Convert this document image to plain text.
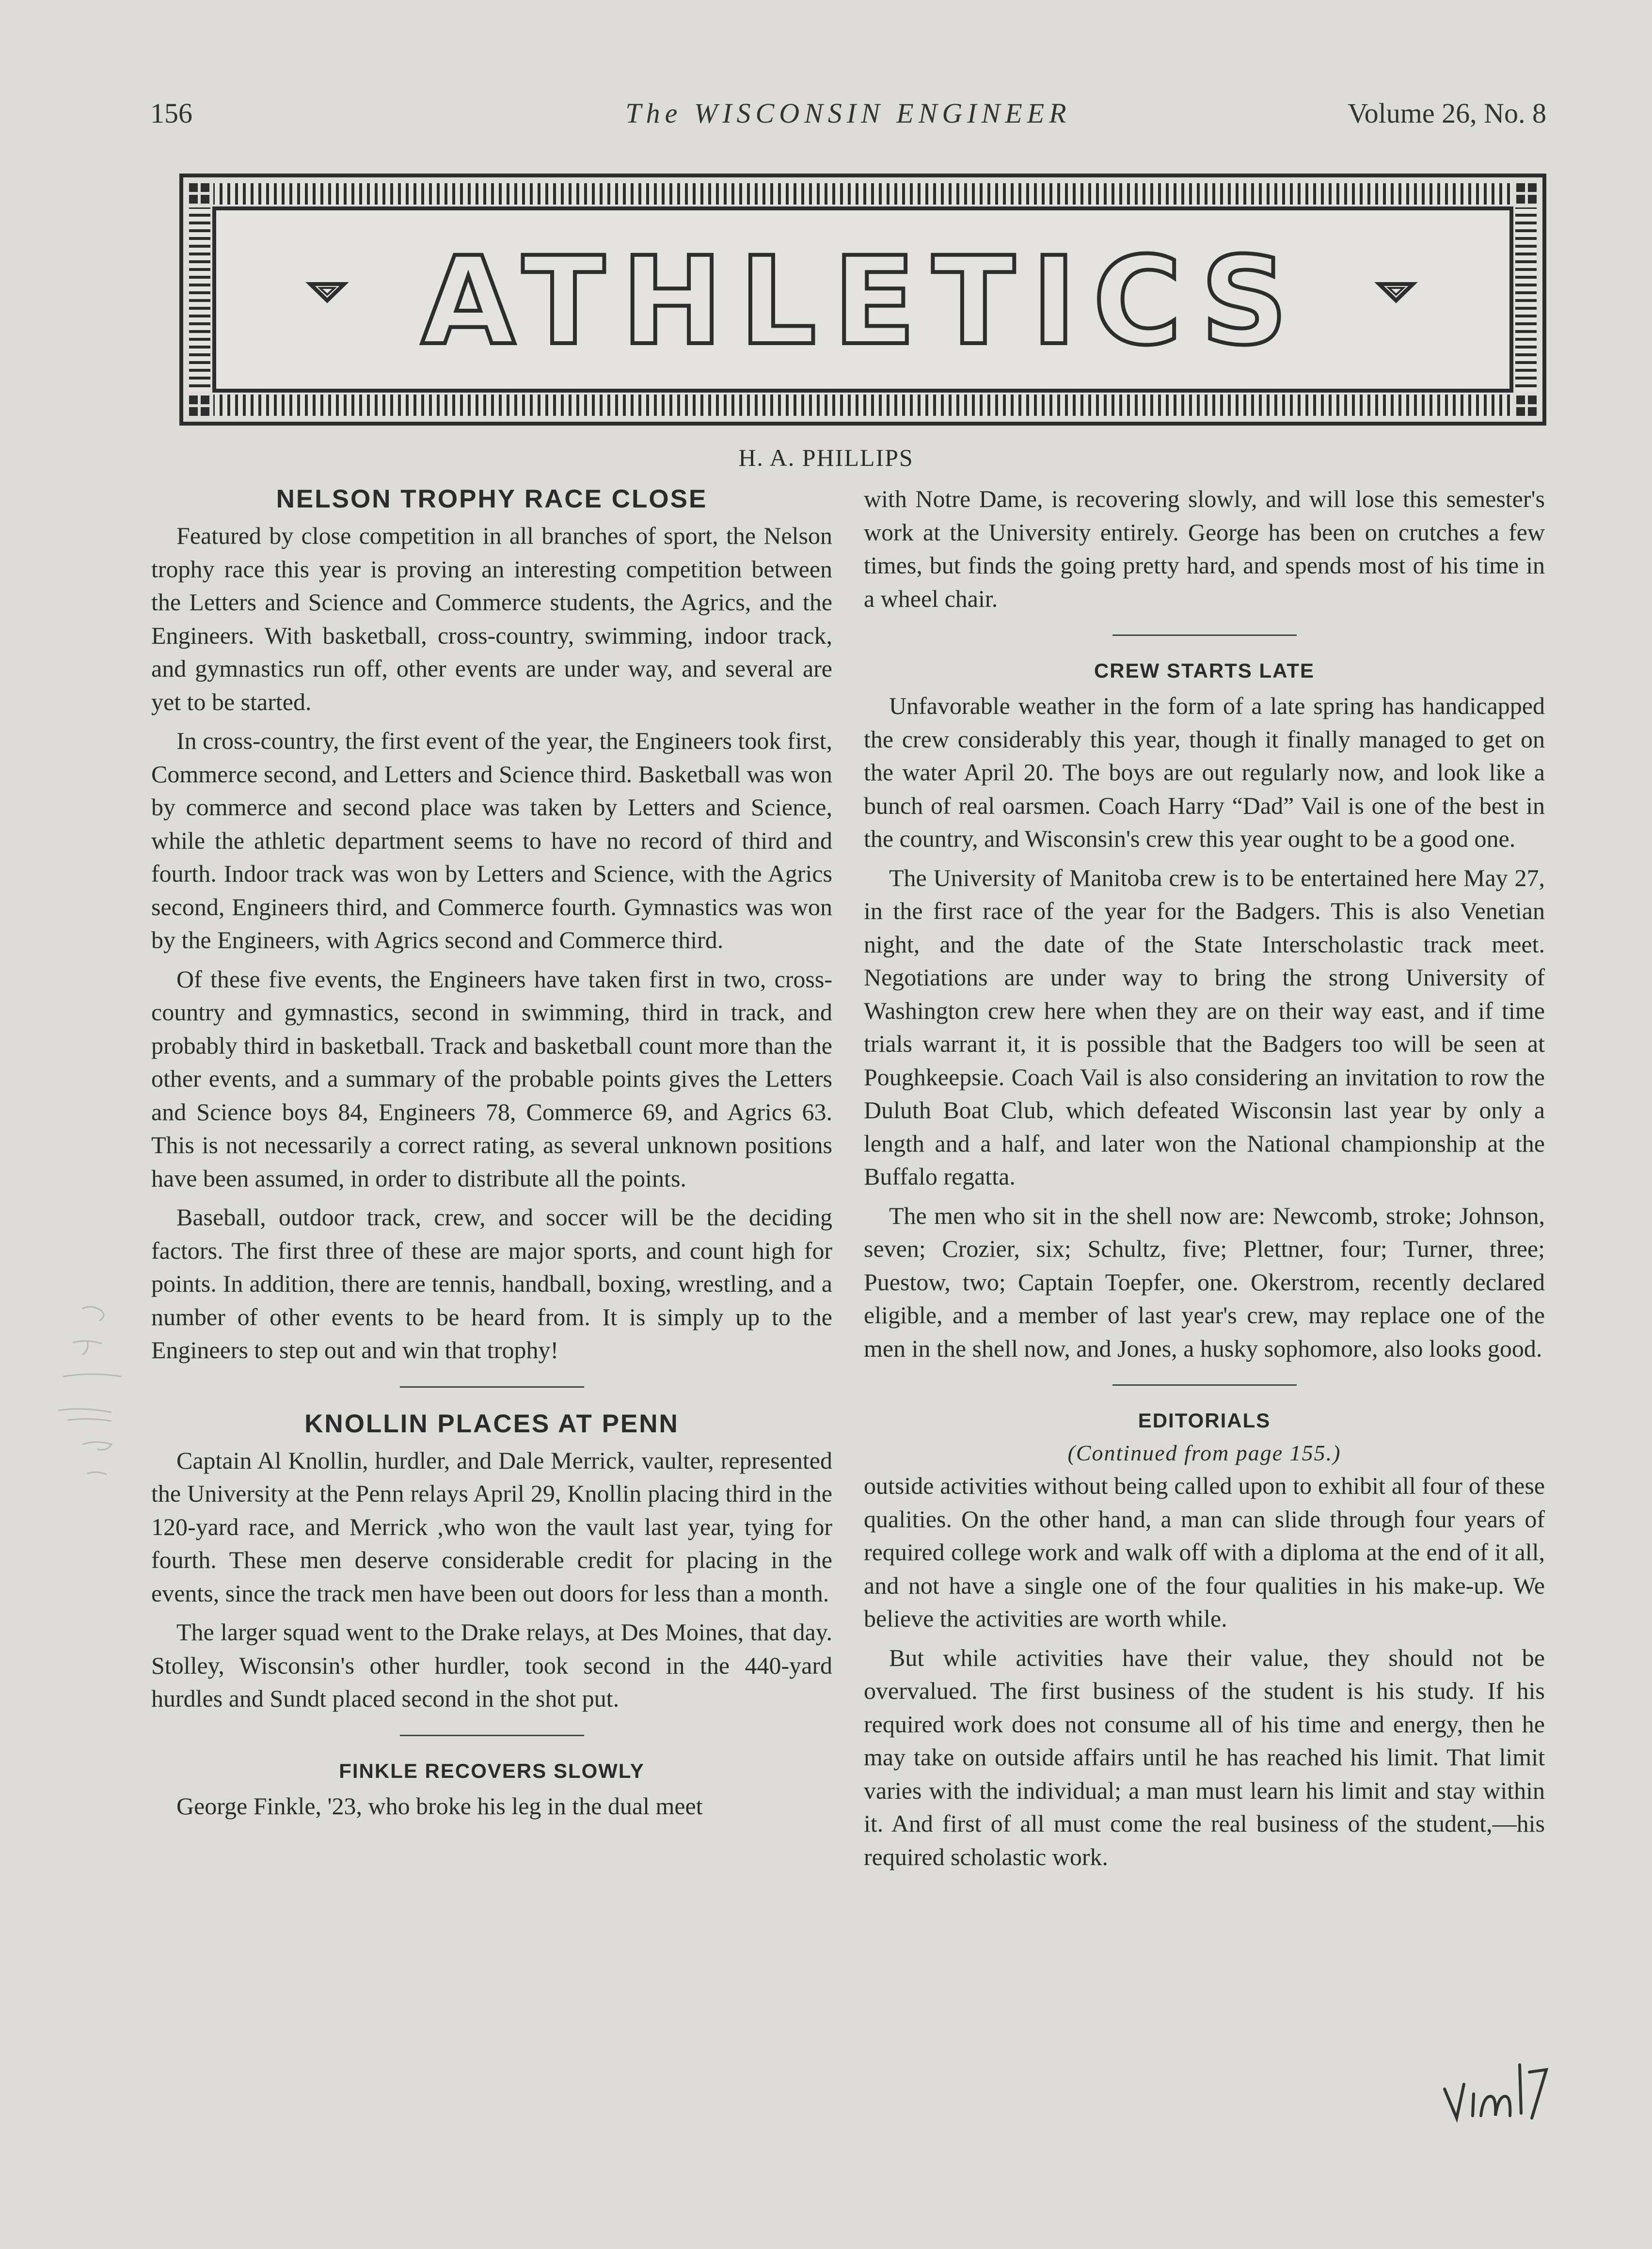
156	The WISCONSIN ENGINEER	Volume 26, No. 8
ATHLETICS
H. A. PHILLIPS
NELSON TROPHY RACE CLOSE

Featured by close competition in all branches of sport, the Nelson trophy race this year is proving an interesting competition between the Letters and Science and Commerce students, the Agrics, and the Engineers. With basketball, cross-country, swimming, indoor track, and gymnastics run off, other events are under way, and several are yet to be started.

In cross-country, the first event of the year, the Engineers took first, Commerce second, and Letters and Science third. Basketball was won by commerce and second place was taken by Letters and Science, while the athletic department seems to have no record of third and fourth. Indoor track was won by Letters and Science, with the Agrics second, Engineers third, and Commerce fourth. Gymnastics was won by the Engineers, with Agrics second and Commerce third.

Of these five events, the Engineers have taken first in two, cross-country and gymnastics, second in swimming, third in track, and probably third in basketball. Track and basketball count more than the other events, and a summary of the probable points gives the Letters and Science boys 84, Engineers 78, Commerce 69, and Agrics 63. This is not necessarily a correct rating, as several unknown positions have been assumed, in order to distribute all the points.

Baseball, outdoor track, crew, and soccer will be the deciding factors. The first three of these are major sports, and count high for points. In addition, there are tennis, handball, boxing, wrestling, and a number of other events to be heard from. It is simply up to the Engineers to step out and win that trophy!

KNOLLIN PLACES AT PENN

Captain Al Knollin, hurdler, and Dale Merrick, vaulter, represented the University at the Penn relays April 29, Knollin placing third in the 120-yard race, and Merrick ,who won the vault last year, tying for fourth. These men deserve considerable credit for placing in the events, since the track men have been out doors for less than a month.

The larger squad went to the Drake relays, at Des Moines, that day. Stolley, Wisconsin's other hurdler, took second in the 440-yard hurdles and Sundt placed second in the shot put.

FINKLE RECOVERS SLOWLY

George Finkle, '23, who broke his leg in the dual meet

with Notre Dame, is recovering slowly, and will lose this semester's work at the University entirely. George has been on crutches a few times, but finds the going pretty hard, and spends most of his time in a wheel chair.

CREW STARTS LATE

Unfavorable weather in the form of a late spring has handicapped the crew considerably this year, though it finally managed to get on the water April 20. The boys are out regularly now, and look like a bunch of real oarsmen. Coach Harry “Dad” Vail is one of the best in the country, and Wisconsin's crew this year ought to be a good one.

The University of Manitoba crew is to be entertained here May 27, in the first race of the year for the Badgers. This is also Venetian night, and the date of the State Interscholastic track meet. Negotiations are under way to bring the strong University of Washington crew here when they are on their way east, and if time trials warrant it, it is possible that the Badgers too will be seen at Poughkeepsie. Coach Vail is also considering an invitation to row the Duluth Boat Club, which defeated Wisconsin last year by only a length and a half, and later won the National championship at the Buffalo regatta.

The men who sit in the shell now are: Newcomb, stroke; Johnson, seven; Crozier, six; Schultz, five; Plettner, four; Turner, three; Puestow, two; Captain Toepfer, one. Okerstrom, recently declared eligible, and a member of last year's crew, may replace one of the men in the shell now, and Jones, a husky sophomore, also looks good.

EDITORIALS
(Continued from page 155.)

outside activities without being called upon to exhibit all four of these qualities. On the other hand, a man can slide through four years of required college work and walk off with a diploma at the end of it all, and not have a single one of the four qualities in his make-up. We believe the activities are worth while.

But while activities have their value, they should not be overvalued. The first business of the student is his study. If his required work does not consume all of his time and energy, then he may take on outside affairs until he has reached his limit. That limit varies with the individual; a man must learn his limit and stay within it. And first of all must come the real business of the student,—his required scholastic work.
